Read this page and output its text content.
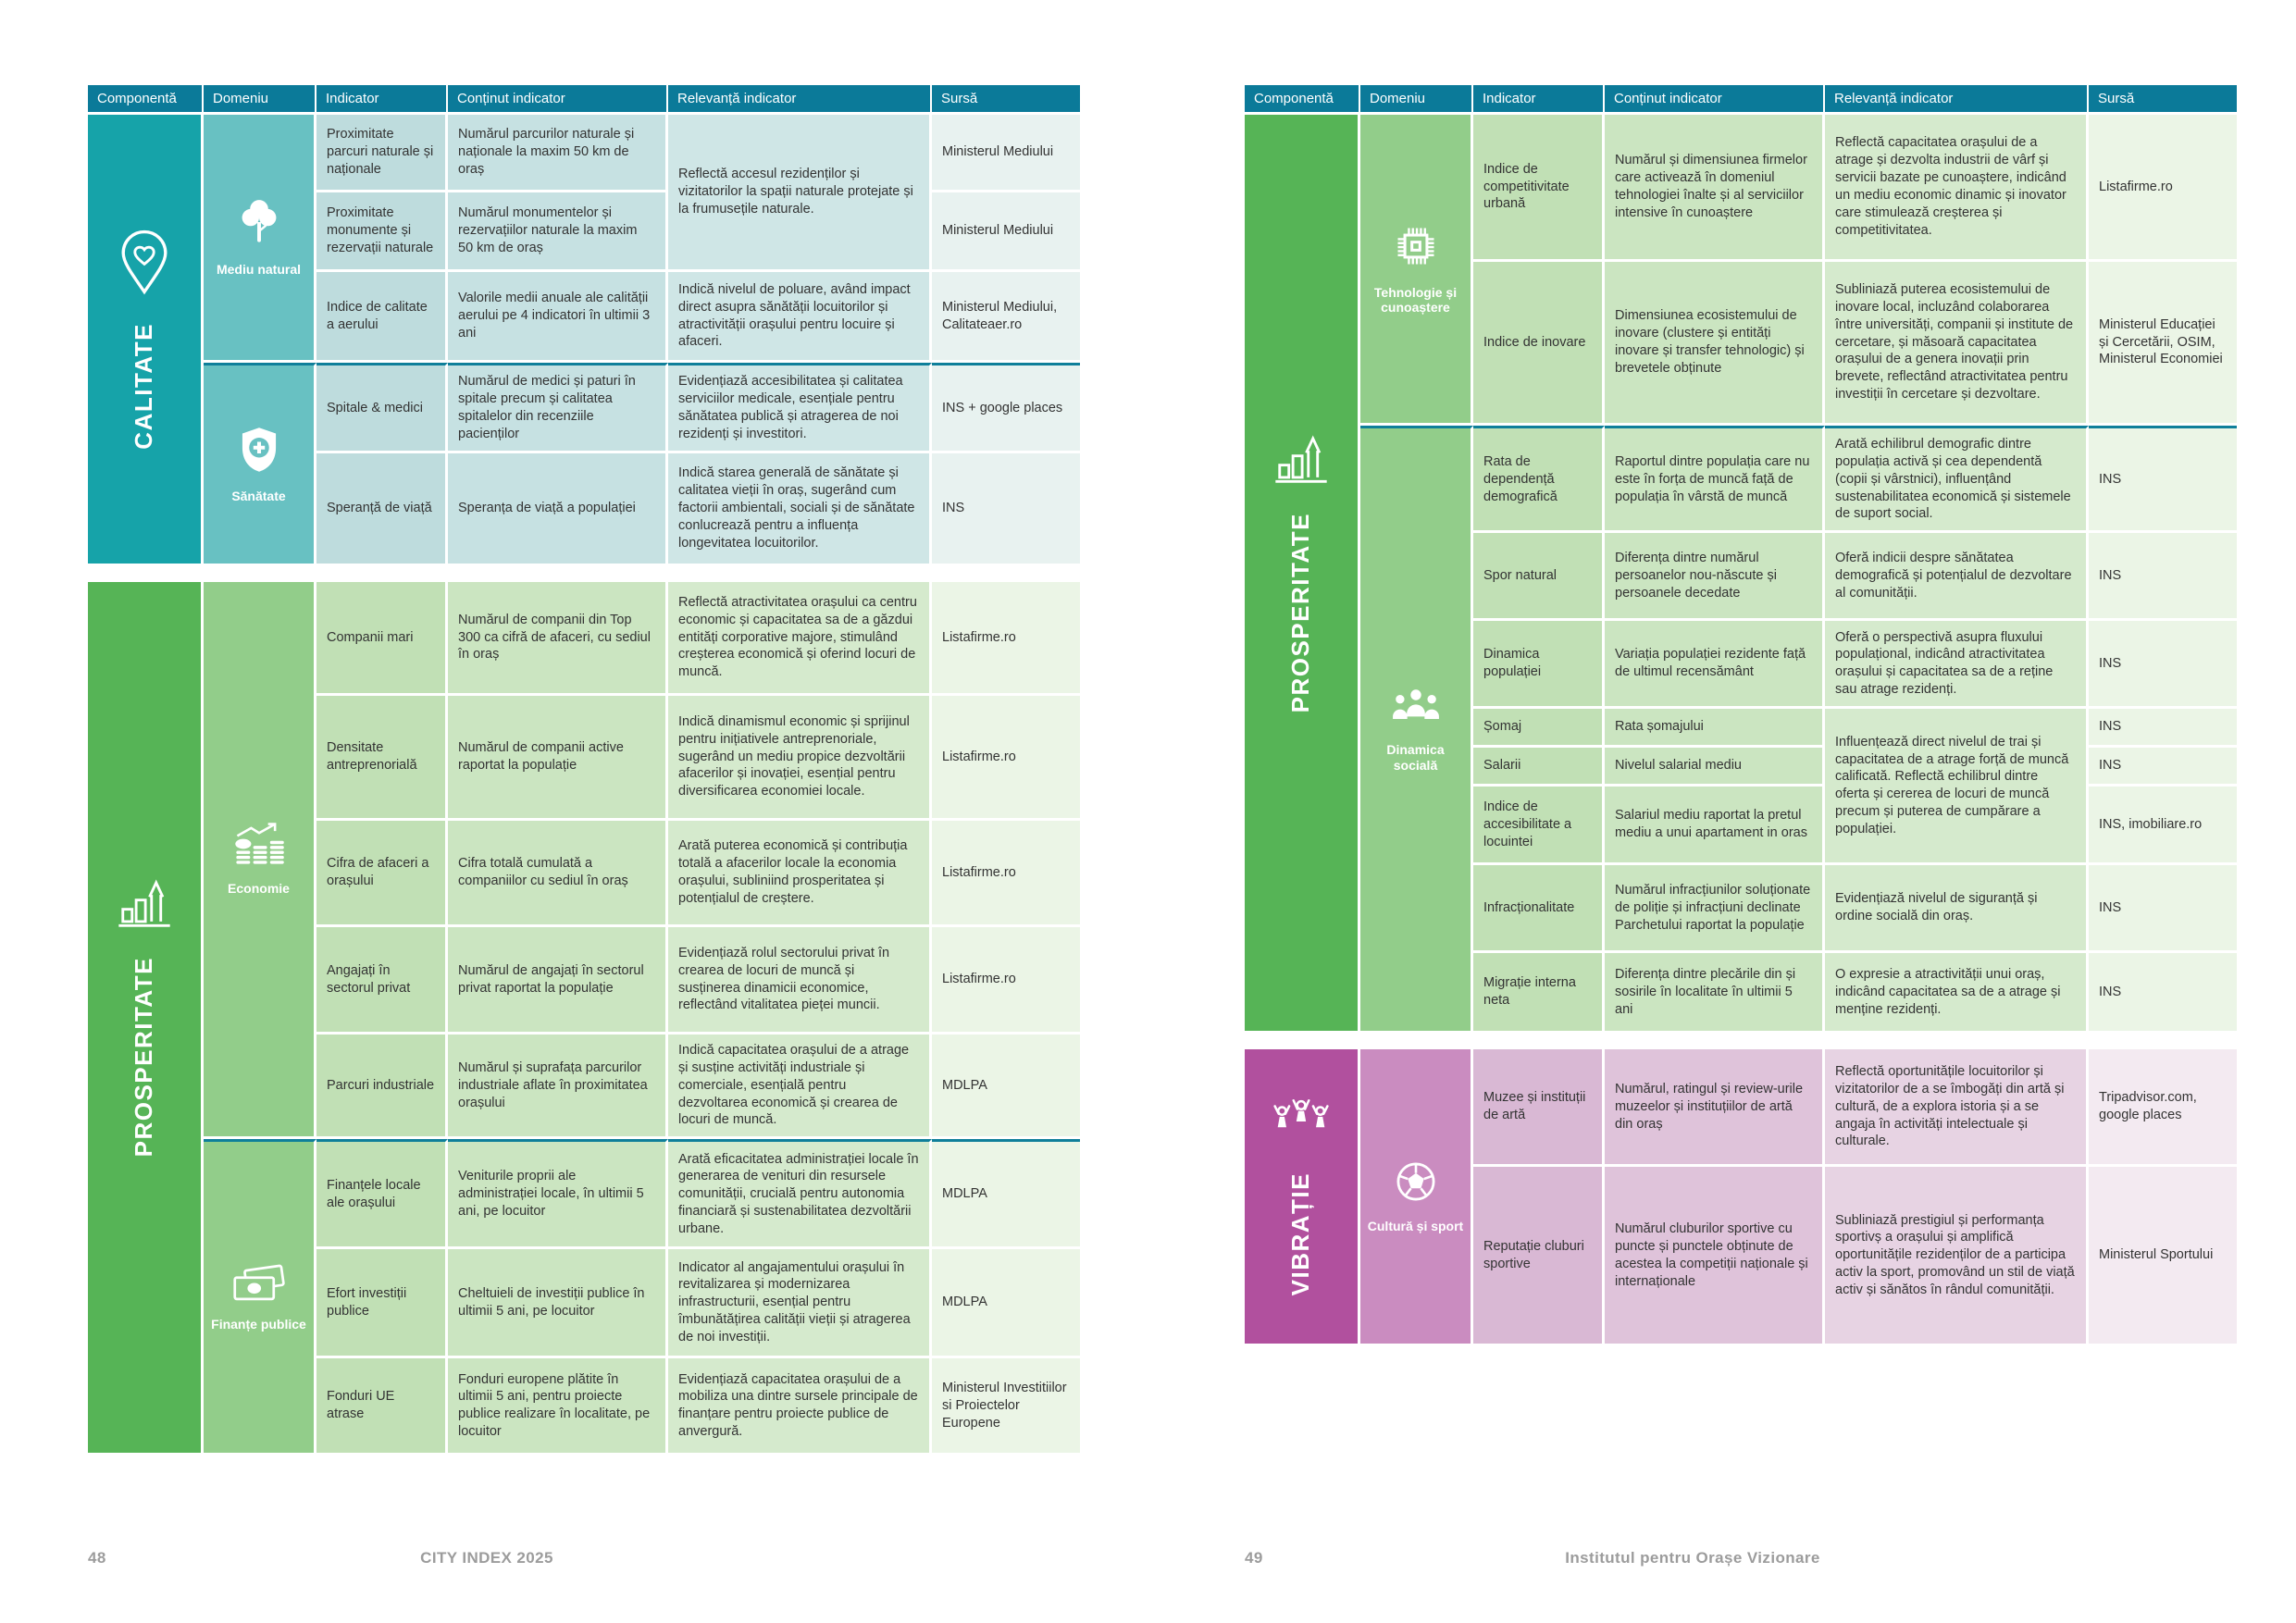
Componentă	Domeniu	Indicator	Conținut indicator	Relevanță indicator	Sursă

CALITATE	Mediu natural	Proximitate parcuri naturale și naționale	Numărul parcurilor naturale și naționale la maxim 50 km de oraș	Reflectă accesul rezidenților și vizitatorilor la spații naturale protejate și la frumusețile naturale.	Ministerul Mediului
		Proximitate monumente și rezervații naturale	Numărul monumentelor și rezervațiilor naturale la maxim 50 km de oraș		Ministerul Mediului
		Indice de calitate a aerului	Valorile medii anuale ale calității aerului pe 4 indicatori în ultimii 3 ani	Indică nivelul de poluare, având impact direct asupra sănătății locuitorilor și atractivității orașului pentru locuire și afaceri.	Ministerul Mediului, Calitateaer.ro

	Sănătate	Spitale & medici	Numărul de medici și paturi în spitale precum și calitatea spitalelor din recenziile pacienților	Evidențiază accesibilitatea și calitatea serviciilor medicale, esențiale pentru sănătatea publică și atragerea de noi rezidenți și investitori.	INS + google places
		Speranță de viață	Speranța de viață a populației	Indică starea generală de sănătate și calitatea vieții în oraș, sugerând cum factorii ambientali, sociali și de sănătate conlucrează pentru a influența longevitatea locuitorilor.	INS
PROSPERITATE	Economie	Companii mari	Numărul de companii din Top 300 ca cifră de afaceri, cu sediul în oraș	Reflectă atractivitatea orașului ca centru economic și capacitatea sa de a găzdui entități corporative majore, stimulând creșterea economică și oferind locuri de muncă.	Listafirme.ro
		Densitate antreprenorială	Numărul de companii active raportat la populație	Indică dinamismul economic și sprijinul pentru inițiativele antreprenoriale, sugerând un mediu propice dezvoltării afacerilor și inovației, esențial pentru diversificarea economiei locale.	Listafirme.ro
		Cifra de afaceri a orașului	Cifra totală cumulată a companiilor cu sediul în oraș	Arată puterea economică și contribuția totală a afacerilor locale la economia orașului, subliniind prosperitatea și potențialul de creștere.	Listafirme.ro
		Angajați în sectorul privat	Numărul de angajați în sectorul privat raportat la populație	Evidențiază rolul sectorului privat în crearea de locuri de muncă și susținerea dinamicii economice, reflectând vitalitatea pieței muncii.	Listafirme.ro
		Parcuri industriale	Numărul și suprafața parcurilor industriale aflate în proximitatea orașului	Indică capacitatea orașului de a atrage și susține activități industriale și comerciale, esențială pentru dezvoltarea economică și crearea de locuri de muncă.	MDLPA

	Finanțe publice	Finanțele locale ale orașului	Veniturile proprii ale administrației locale, în ultimii 5 ani, pe locuitor	Arată eficacitatea administrației locale în generarea de venituri din resursele comunității, crucială pentru autonomia financiară și sustenabilitatea dezvoltării urbane.	MDLPA
		Efort investiții publice	Cheltuieli de investiții publice în ultimii 5 ani, pe locuitor	Indicator al angajamentului orașului în revitalizarea și modernizarea infrastructurii, esențial pentru îmbunătățirea calității vieții și atragerea de noi investiții.	MDLPA
		Fonduri UE atrase	Fonduri europene plătite în ultimii 5 ani, pentru proiecte publice realizare în localitate, pe locuitor	Evidențiază capacitatea orașului de a mobiliza una dintre sursele principale de finanțare pentru proiecte publice de anvergură.	Ministerul Investitiilor si Proiectelor Europene
Componentă	Domeniu	Indicator	Conținut indicator	Relevanță indicator	Sursă

PROSPERITATE	Tehnologie și cunoaștere	Indice de competitivitate urbană	Numărul și dimensiunea firmelor care activează în domeniul tehnologiei înalte și al serviciilor intensive în cunoaștere	Reflectă capacitatea orașului de a atrage și dezvolta industrii de vârf și servicii bazate pe cunoaștere, indicând un mediu economic dinamic și inovator care stimulează creșterea și competitivitatea.	Listafirme.ro
		Indice de inovare	Dimensiunea ecosistemului de inovare (clustere și entități inovare și transfer tehnologic) și brevetele obținute	Subliniază puterea ecosistemului de inovare local, incluzând colaborarea între universități, companii și institute de cercetare, și măsoară capacitatea orașului de a genera inovații prin brevete, reflectând atractivitatea pentru investiții în cercetare și dezvoltare.	Ministerul Educației și Cercetării, OSIM, Ministerul Economiei

	Dinamica socială	Rata de dependență demografică	Raportul dintre populația care nu este în forța de muncă față de populația în vârstă de muncă	Arată echilibrul demografic dintre populația activă și cea dependentă (copii și vârstnici), influențând sustenabilitatea economică și sistemele de suport social.	INS
		Spor natural	Diferența dintre numărul persoanelor nou-născute și persoanele decedate	Oferă indicii despre sănătatea demografică și potențialul de dezvoltare al comunității.	INS
		Dinamica populației	Variația populației rezidente față de ultimul recensământ	Oferă o perspectivă asupra fluxului populațional, indicând atractivitatea orașului și capacitatea sa de a reține sau atrage rezidenți.	INS
		Șomaj	Rata șomajului	Influențează direct nivelul de trai și capacitatea de a atrage forță de muncă calificată. Reflectă echilibrul dintre oferta și cererea de locuri de muncă precum și puterea de cumpărare a populației.	INS
		Salarii	Nivelul salarial mediu		INS
		Indice de accesibilitate a locuintei	Salariul mediu raportat la pretul mediu a unui apartament in oras		INS, imobiliare.ro
		Infracționalitate	Numărul infracțiunilor soluționate de poliție și infracțiuni declinate Parchetului raportat la populație	Evidențiază nivelul de siguranță și ordine socială din oraș.	INS
		Migrație interna neta	Diferența dintre plecările din și sosirile în localitate în ultimii 5 ani	O expresie a atractivității unui oraș, indicând capacitatea sa de a atrage și menține rezidenți.	INS
VIBRAȚIE	Cultură și sport	Muzee și instituții de artă	Numărul, ratingul și review-urile muzeelor și instituțiilor de artă din oraș	Reflectă oportunitățile locuitorilor și vizitatorilor de a se îmbogăți din artă și cultură, de a explora istoria și a se angaja în activități intelectuale și culturale.	Tripadvisor.com, google places
		Reputație cluburi sportive	Numărul cluburilor sportive cu puncte și punctele obținute de acestea la competiții naționale și internaționale	Subliniază prestigiul și performanța sportivș a orașului și amplifică oportunitățile rezidenților de a participa activ la sport, promovând un stil de viață activ și sănătos în rândul comunității.	Ministerul Sportului
48	CITY INDEX 2025	49	Institutul pentru Orașe Vizionare
